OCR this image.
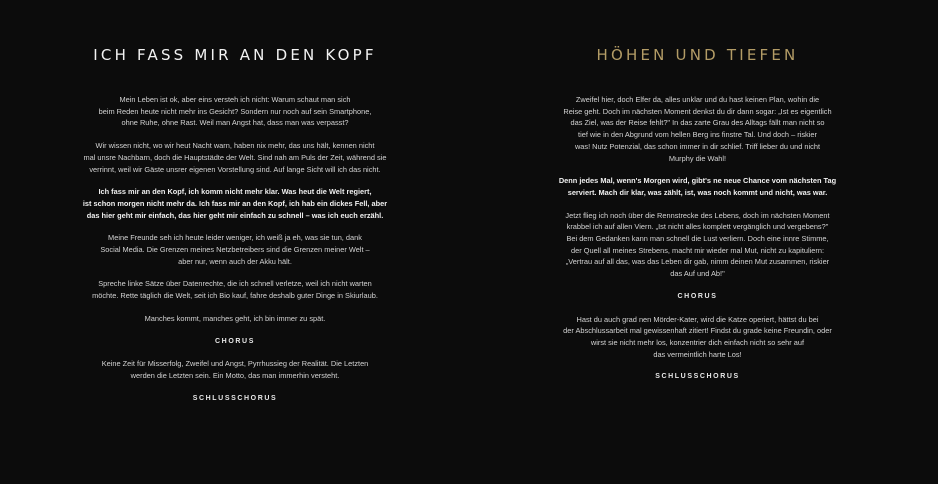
ICH FASS MIR AN DEN KOPF

Mein Leben ist ok, aber eins versteh ich nicht: Warum schaut man sich
beim Reden heute nicht mehr ins Gesicht? Sondern nur noch auf sein Smartphone,
ohne Ruhe, ohne Rast. Weil man Angst hat, dass man was verpasst?

Wir wissen nicht, wo wir heut Nacht warn, haben nix mehr, das uns hält, kennen nicht
mal unsre Nachbarn, doch die Hauptstädte der Welt. Sind nah am Puls der Zeit, während sie
verrinnt, weil wir Gäste unsrer eigenen Vorstellung sind. Auf lange Sicht will ich das nicht.

Ich fass mir an den Kopf, ich komm nicht mehr klar. Was heut die Welt regiert,
ist schon morgen nicht mehr da. Ich fass mir an den Kopf, ich hab ein dickes Fell, aber
das hier geht mir einfach, das hier geht mir einfach zu schnell – was ich euch erzähl.

Meine Freunde seh ich heute leider weniger, ich weiß ja eh, was sie tun, dank
Social Media. Die Grenzen meines Netzbetreibers sind die Grenzen meiner Welt –
aber nur, wenn auch der Akku hält.

Spreche linke Sätze über Datenrechte, die ich schnell verletze, weil ich nicht warten
möchte. Rette täglich die Welt, seit ich Bio kauf, fahre deshalb guter Dinge in Skiurlaub.

Manches kommt, manches geht, ich bin immer zu spät.

CHORUS

Keine Zeit für Misserfolg, Zweifel und Angst, Pyrrhussieg der Realität. Die Letzten
werden die Letzten sein. Ein Motto, das man immerhin versteht.

SCHLUSSCHORUS

HÖHEN UND TIEFEN

Zweifel hier, doch Elfer da, alles unklar und du hast keinen Plan, wohin die
Reise geht. Doch im nächsten Moment denkst du dir dann sogar: „Ist es eigentlich
das Ziel, was der Reise fehlt?" In das zarte Grau des Alltags fällt man nicht so
tief wie in den Abgrund vom hellen Berg ins finstre Tal. Und doch – riskier
was! Nutz Potenzial, das schon immer in dir schlief. Triff lieber du und nicht
Murphy die Wahl!

Denn jedes Mal, wenn's Morgen wird, gibt's ne neue Chance vom nächsten Tag
serviert. Mach dir klar, was zählt, ist, was noch kommt und nicht, was war.

Jetzt flieg ich noch über die Rennstrecke des Lebens, doch im nächsten Moment
krabbel ich auf allen Viern. „Ist nicht alles komplett vergänglich und vergebens?"
Bei dem Gedanken kann man schnell die Lust verliern. Doch eine innre Stimme,
der Quell all meines Strebens, macht mir wieder mal Mut, nicht zu kapituliern:
„Vertrau auf all das, was das Leben dir gab, nimm deinen Mut zusammen, riskier
das Auf und Ab!"

CHORUS

Hast du auch grad nen Mörder-Kater, wird die Katze operiert, hättst du bei
der Abschlussarbeit mal gewissenhaft zitiert! Findst du grade keine Freundin, oder
wirst sie nicht mehr los, konzentrier dich einfach nicht so sehr auf
das vermeintlich harte Los!

SCHLUSSCHORUS
